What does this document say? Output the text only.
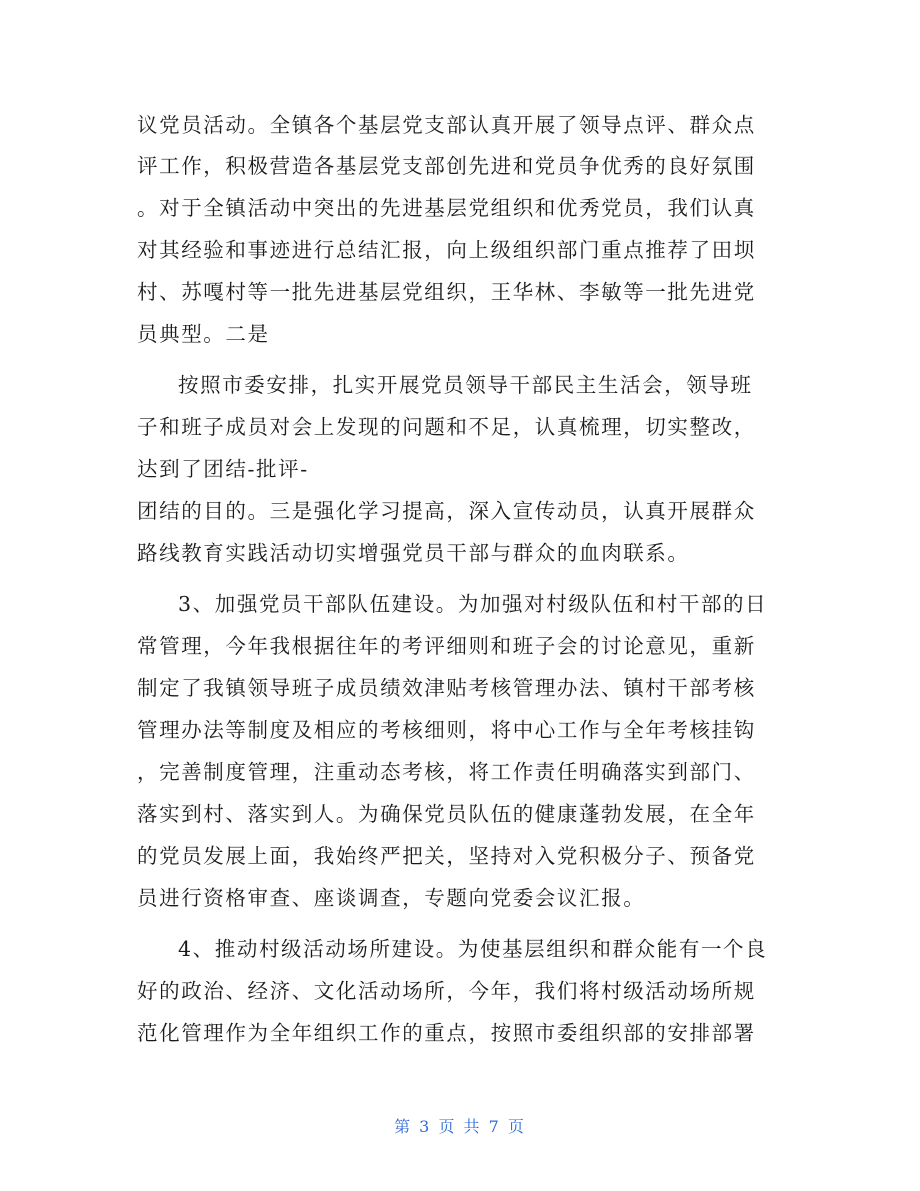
议党员活动。全镇各个基层党支部认真开展了领导点评、群众点
评工作，积极营造各基层党支部创先进和党员争优秀的良好氛围
。对于全镇活动中突出的先进基层党组织和优秀党员，我们认真
对其经验和事迹进行总结汇报，向上级组织部门重点推荐了田坝
村、苏嘎村等一批先进基层党组织，王华林、李敏等一批先进党
员典型。二是
按照市委安排，扎实开展党员领导干部民主生活会，领导班
子和班子成员对会上发现的问题和不足，认真梳理，切实整改，
达到了团结-批评-
团结的目的。三是强化学习提高，深入宣传动员，认真开展群众
路线教育实践活动切实增强党员干部与群众的血肉联系。
3、加强党员干部队伍建设。为加强对村级队伍和村干部的日
常管理，今年我根据往年的考评细则和班子会的讨论意见，重新
制定了我镇领导班子成员绩效津贴考核管理办法、镇村干部考核
管理办法等制度及相应的考核细则，将中心工作与全年考核挂钩
，完善制度管理，注重动态考核，将工作责任明确落实到部门、
落实到村、落实到人。为确保党员队伍的健康蓬勃发展，在全年
的党员发展上面，我始终严把关，坚持对入党积极分子、预备党
员进行资格审查、座谈调查，专题向党委会议汇报。
4、推动村级活动场所建设。为使基层组织和群众能有一个良
好的政治、经济、文化活动场所，今年，我们将村级活动场所规
范化管理作为全年组织工作的重点，按照市委组织部的安排部署
第 3 页 共 7 页
